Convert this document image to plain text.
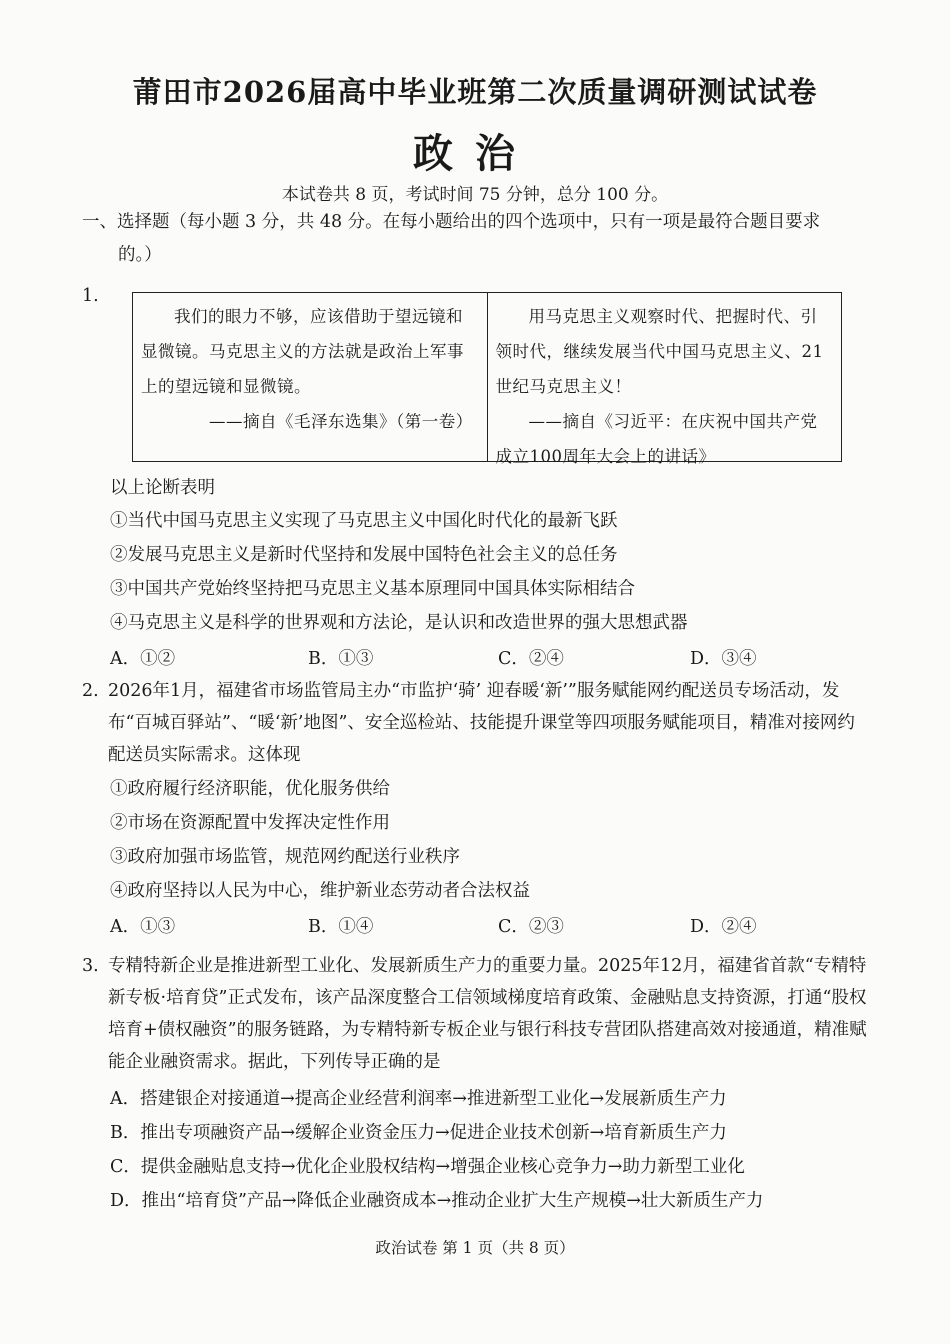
莆田市2026届高中毕业班第二次质量调研测试试卷
政治
本试卷共 8 页，考试时间 75 分钟，总分 100 分。
一、选择题（每小题 3 分，共 48 分。在每小题给出的四个选项中，只有一项是最符合题目要求
的。）
1.
我们的眼力不够，应该借助于望远镜和显微镜。马克思主义的方法就是政治上军事上的望远镜和显微镜。
——摘自《毛泽东选集》（第一卷）
用马克思主义观察时代、把握时代、引领时代，继续发展当代中国马克思主义、21世纪马克思主义！
——摘自《习近平：在庆祝中国共产党成立100周年大会上的讲话》
以上论断表明
①当代中国马克思主义实现了马克思主义中国化时代化的最新飞跃
②发展马克思主义是新时代坚持和发展中国特色社会主义的总任务
③中国共产党始终坚持把马克思主义基本原理同中国具体实际相结合
④马克思主义是科学的世界观和方法论，是认识和改造世界的强大思想武器
A．①②	B．①③	C．②④	D．③④
2. 2026年1月，福建省市场监管局主办“市监护‘骑’ 迎春暖‘新’”服务赋能网约配送员专场活动，发布“百城百驿站”、“暖‘新’地图”、安全巡检站、技能提升课堂等四项服务赋能项目，精准对接网约配送员实际需求。这体现
①政府履行经济职能，优化服务供给
②市场在资源配置中发挥决定性作用
③政府加强市场监管，规范网约配送行业秩序
④政府坚持以人民为中心，维护新业态劳动者合法权益
A．①③	B．①④	C．②③	D．②④
3. 专精特新企业是推进新型工业化、发展新质生产力的重要力量。2025年12月，福建省首款“专精特新专板·培育贷”正式发布，该产品深度整合工信领域梯度培育政策、金融贴息支持资源，打通“股权培育+债权融资”的服务链路，为专精特新专板企业与银行科技专营团队搭建高效对接通道，精准赋能企业融资需求。据此，下列传导正确的是
A．搭建银企对接通道→提高企业经营利润率→推进新型工业化→发展新质生产力
B．推出专项融资产品→缓解企业资金压力→促进企业技术创新→培育新质生产力
C．提供金融贴息支持→优化企业股权结构→增强企业核心竞争力→助力新型工业化
D．推出“培育贷”产品→降低企业融资成本→推动企业扩大生产规模→壮大新质生产力
政治试卷 第 1 页（共 8 页）
